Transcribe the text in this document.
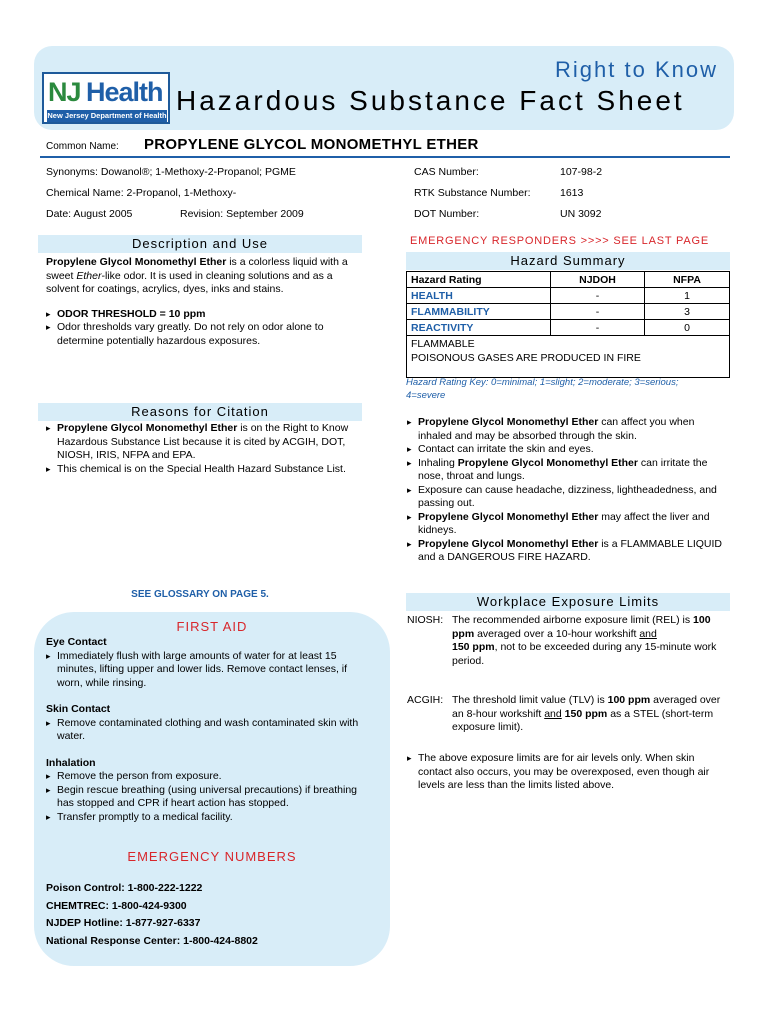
NJ Health
New Jersey Department of Health
Right to Know
Hazardous Substance Fact Sheet
Common Name: PROPYLENE GLYCOL MONOMETHYL ETHER
Synonyms: Dowanol®; 1-Methoxy-2-Propanol; PGME
Chemical Name: 2-Propanol, 1-Methoxy-
Date: August 2005	Revision: September 2009
CAS Number:	107-98-2
RTK Substance Number:	1613
DOT Number:	UN 3092
Description and Use

Propylene Glycol Monomethyl Ether is a colorless liquid with a sweet Ether-like odor. It is used in cleaning solutions and as a solvent for coatings, acrylics, dyes, inks and stains.

▸ ODOR THRESHOLD = 10 ppm
▸ Odor thresholds vary greatly. Do not rely on odor alone to determine potentially hazardous exposures.
Reasons for Citation
▸ Propylene Glycol Monomethyl Ether is on the Right to Know Hazardous Substance List because it is cited by ACGIH, DOT, NIOSH, IRIS, NFPA and EPA.
▸ This chemical is on the Special Health Hazard Substance List.
SEE GLOSSARY ON PAGE 5.
EMERGENCY RESPONDERS >>>> SEE LAST PAGE
Hazard Summary
Hazard Rating	NJDOH	NFPA
HEALTH	-	1
FLAMMABILITY	-	3
REACTIVITY	-	0

FLAMMABLE
POISONOUS GASES ARE PRODUCED IN FIRE		
Hazard Rating Key: 0=minimal; 1=slight; 2=moderate; 3=serious; 4=severe
▸ Propylene Glycol Monomethyl Ether can affect you when inhaled and may be absorbed through the skin.
▸ Contact can irritate the skin and eyes.
▸ Inhaling Propylene Glycol Monomethyl Ether can irritate the nose, throat and lungs.
▸ Exposure can cause headache, dizziness, lightheadedness, and passing out.
▸ Propylene Glycol Monomethyl Ether may affect the liver and kidneys.
▸ Propylene Glycol Monomethyl Ether is a FLAMMABLE LIQUID and a DANGEROUS FIRE HAZARD.
Workplace Exposure Limits
NIOSH: The recommended airborne exposure limit (REL) is 100 ppm averaged over a 10-hour workshift and
150 ppm, not to be exceeded during any 15-minute work period.
ACGIH: The threshold limit value (TLV) is 100 ppm averaged over an 8-hour workshift and 150 ppm as a STEL (short-term exposure limit).
▸ The above exposure limits are for air levels only. When skin contact also occurs, you may be overexposed, even though air levels are less than the limits listed above.
FIRST AID
Eye Contact
▸ Immediately flush with large amounts of water for at least 15 minutes, lifting upper and lower lids. Remove contact lenses, if worn, while rinsing.
Skin Contact
▸ Remove contaminated clothing and wash contaminated skin with water.
Inhalation
▸ Remove the person from exposure.
▸ Begin rescue breathing (using universal precautions) if breathing has stopped and CPR if heart action has stopped.
▸ Transfer promptly to a medical facility.
EMERGENCY NUMBERS
Poison Control: 1-800-222-1222
CHEMTREC: 1-800-424-9300
NJDEP Hotline: 1-877-927-6337
National Response Center: 1-800-424-8802
